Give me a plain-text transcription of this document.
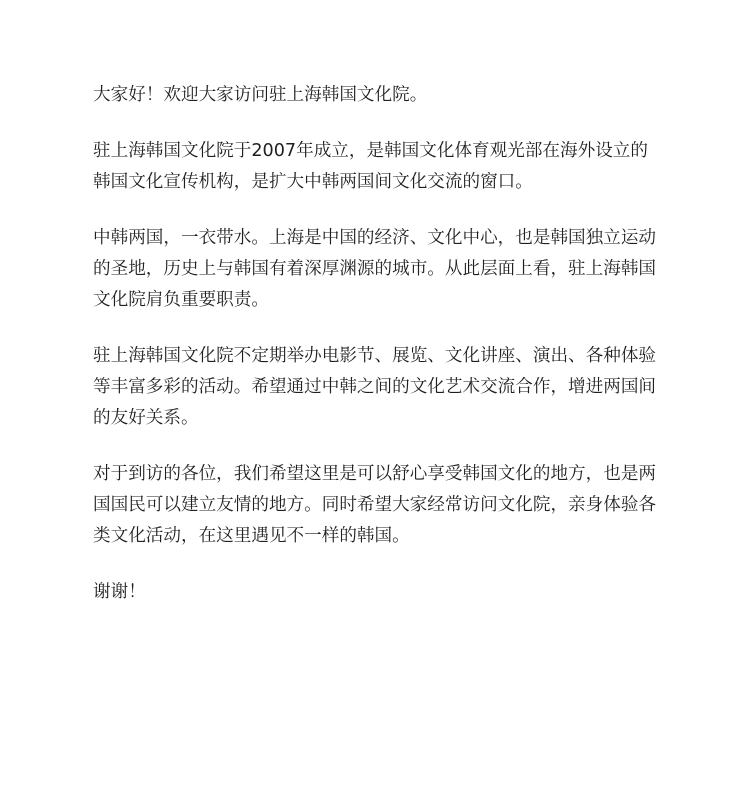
大家好！欢迎大家访问驻上海韩国文化院。

驻上海韩国文化院于2007年成立，是韩国文化体育观光部在海外设立的韩国文化宣传机构，是扩大中韩两国间文化交流的窗口。

中韩两国，一衣带水。上海是中国的经济、文化中心，也是韩国独立运动的圣地，历史上与韩国有着深厚渊源的城市。从此层面上看，驻上海韩国文化院肩负重要职责。

驻上海韩国文化院不定期举办电影节、展览、文化讲座、演出、各种体验等丰富多彩的活动。希望通过中韩之间的文化艺术交流合作，增进两国间的友好关系。

对于到访的各位，我们希望这里是可以舒心享受韩国文化的地方，也是两国国民可以建立友情的地方。同时希望大家经常访问文化院，亲身体验各类文化活动，在这里遇见不一样的韩国。

谢谢！
